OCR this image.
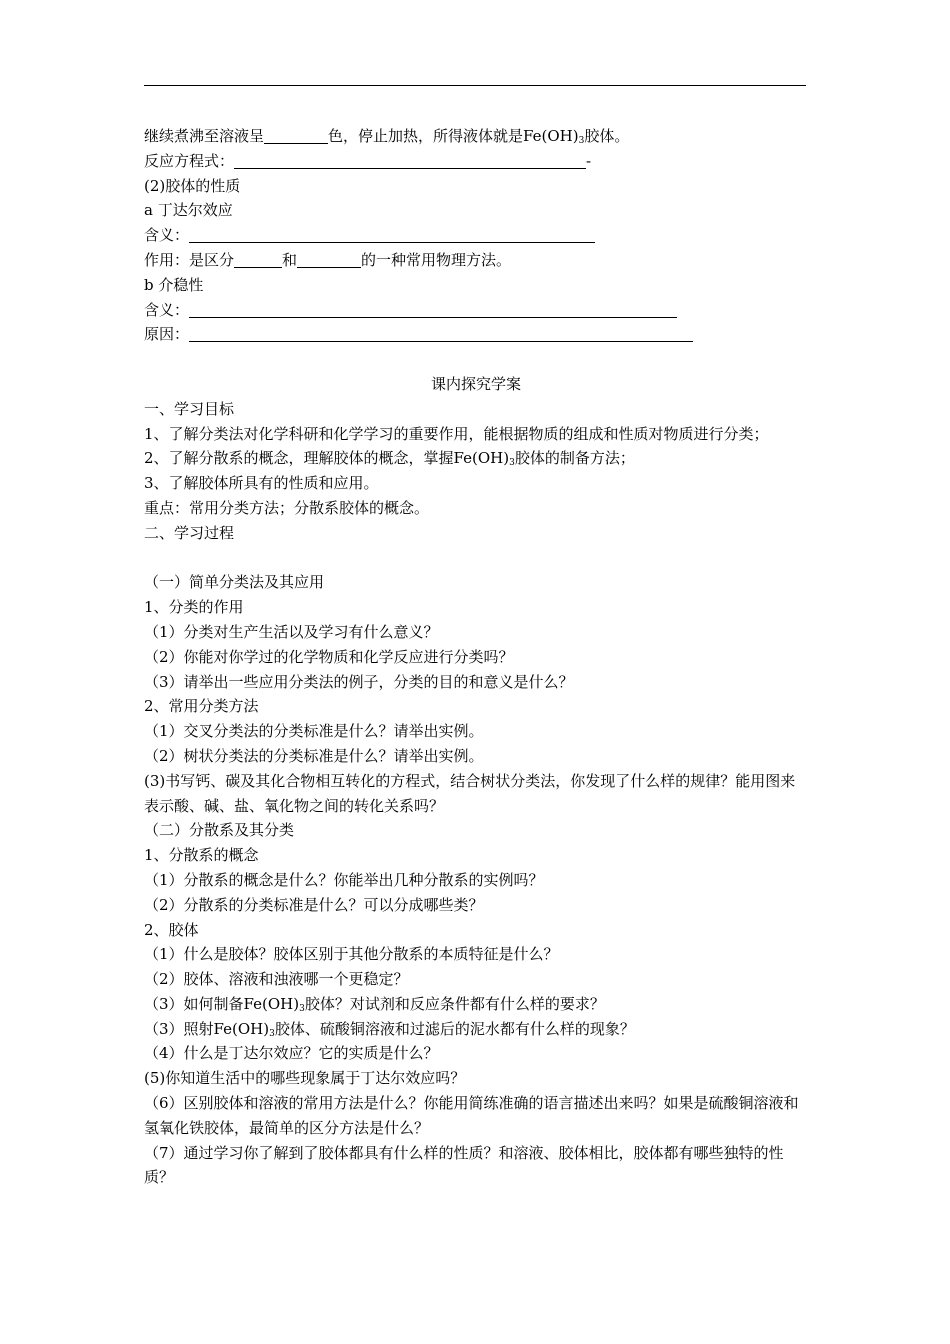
继续煮沸至溶液呈	色，停止加热，所得液体就是$Fe(OH)_3$胶体。
反应方程式：	-
(2)胶体的性质
a 丁达尔效应
含义：
作用：是区分	和	的一种常用物理方法。
b 介稳性
含义：
原因：
课内探究学案
一、学习目标
1、了解分类法对化学科研和化学学习的重要作用，能根据物质的组成和性质对物质进行分类；
2、了解分散系的概念，理解胶体的概念，掌握$Fe(OH)_3$胶体的制备方法；
3、了解胶体所具有的性质和应用。
重点：常用分类方法；分散系胶体的概念。
二、学习过程
（一）简单分类法及其应用
1、分类的作用
（1）分类对生产生活以及学习有什么意义？
（2）你能对你学过的化学物质和化学反应进行分类吗？
（3）请举出一些应用分类法的例子，分类的目的和意义是什么？
2、常用分类方法
（1）交叉分类法的分类标准是什么？请举出实例。
（2）树状分类法的分类标准是什么？请举出实例。
(3)书写钙、碳及其化合物相互转化的方程式，结合树状分类法，你发现了什么样的规律？能用图来表示酸、碱、盐、氧化物之间的转化关系吗？
（二）分散系及其分类
1、分散系的概念
（1）分散系的概念是什么？你能举出几种分散系的实例吗？
（2）分散系的分类标准是什么？可以分成哪些类？
2、胶体
（1）什么是胶体？胶体区别于其他分散系的本质特征是什么？
（2）胶体、溶液和浊液哪一个更稳定？
（3）如何制备$Fe(OH)_3$胶体？对试剂和反应条件都有什么样的要求？
（3）照射$Fe(OH)_3$胶体、硫酸铜溶液和过滤后的泥水都有什么样的现象？
（4）什么是丁达尔效应？它的实质是什么？
(5)你知道生活中的哪些现象属于丁达尔效应吗？
（6）区别胶体和溶液的常用方法是什么？你能用简练准确的语言描述出来吗？如果是硫酸铜溶液和氢氧化铁胶体，最简单的区分方法是什么？
（7）通过学习你了解到了胶体都具有什么样的性质？和溶液、胶体相比，胶体都有哪些独特的性质？
